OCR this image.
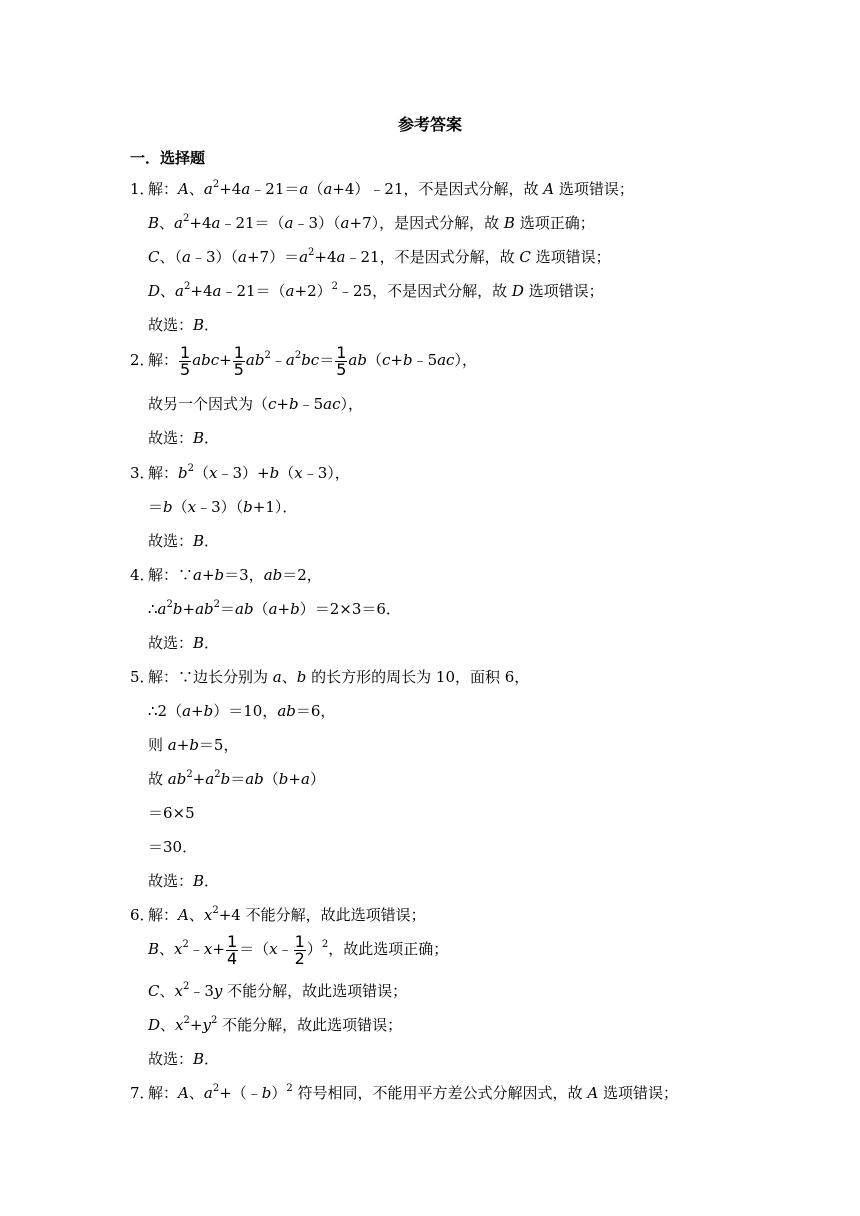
参考答案
一．选择题
1．
解：A、$a^2+4a﹣21=a(a+4)﹣21$，不是因式分解，故 A 选项错误；
B、$a^2+4a﹣21=(a﹣3)(a+7)$，是因式分解，故 B 选项正确；
C、$(a﹣3)(a+7)=a^2+4a﹣21$，不是因式分解，故 C 选项错误；
D、$a^2+4a﹣21=(a+2)^2﹣25$，不是因式分解，故 D 选项错误；
故选：B．
2．
解： $\frac{1}{5} abc+ \frac{1}{5}$ $ab^2﹣a^2bc= \frac{1}{5}$ ab（c+b﹣5ac），
故另一个因式为（c+b﹣5ac），
故选：B．
3．
解：$b^2(x﹣3)+b(x﹣3)$，
＝b（x﹣3）（b+1）．
故选：B．
4．
解：∵a+b＝3，ab＝2，
$\therefore a^2b+ab^2=ab(a+b)=2\times 3=6$．
故选：B．
5．
解：∵边长分别为 a、b 的长方形的周长为 10，面积 6，
∴2（a+b）＝10，ab＝6，
则 a+b＝5，
故 $ab^2+a^2b=ab(b+a)$
＝6×5
＝30．
故选：B．
6．
解：A、$x^2+4$ 不能分解，故此选项错误；
B、$x^2﹣x+ \frac{1}{4}$ ＝（x﹣ $\frac{1}{2} )^2$，故此选项正确；
C、$x^2﹣3y$ 不能分解，故此选项错误；
D、$x^2+y^2$ 不能分解，故此选项错误；
故选：B．
7．
解：A、$a^2+(﹣b)^2$ 符号相同，不能用平方差公式分解因式，故 A 选项错误；
